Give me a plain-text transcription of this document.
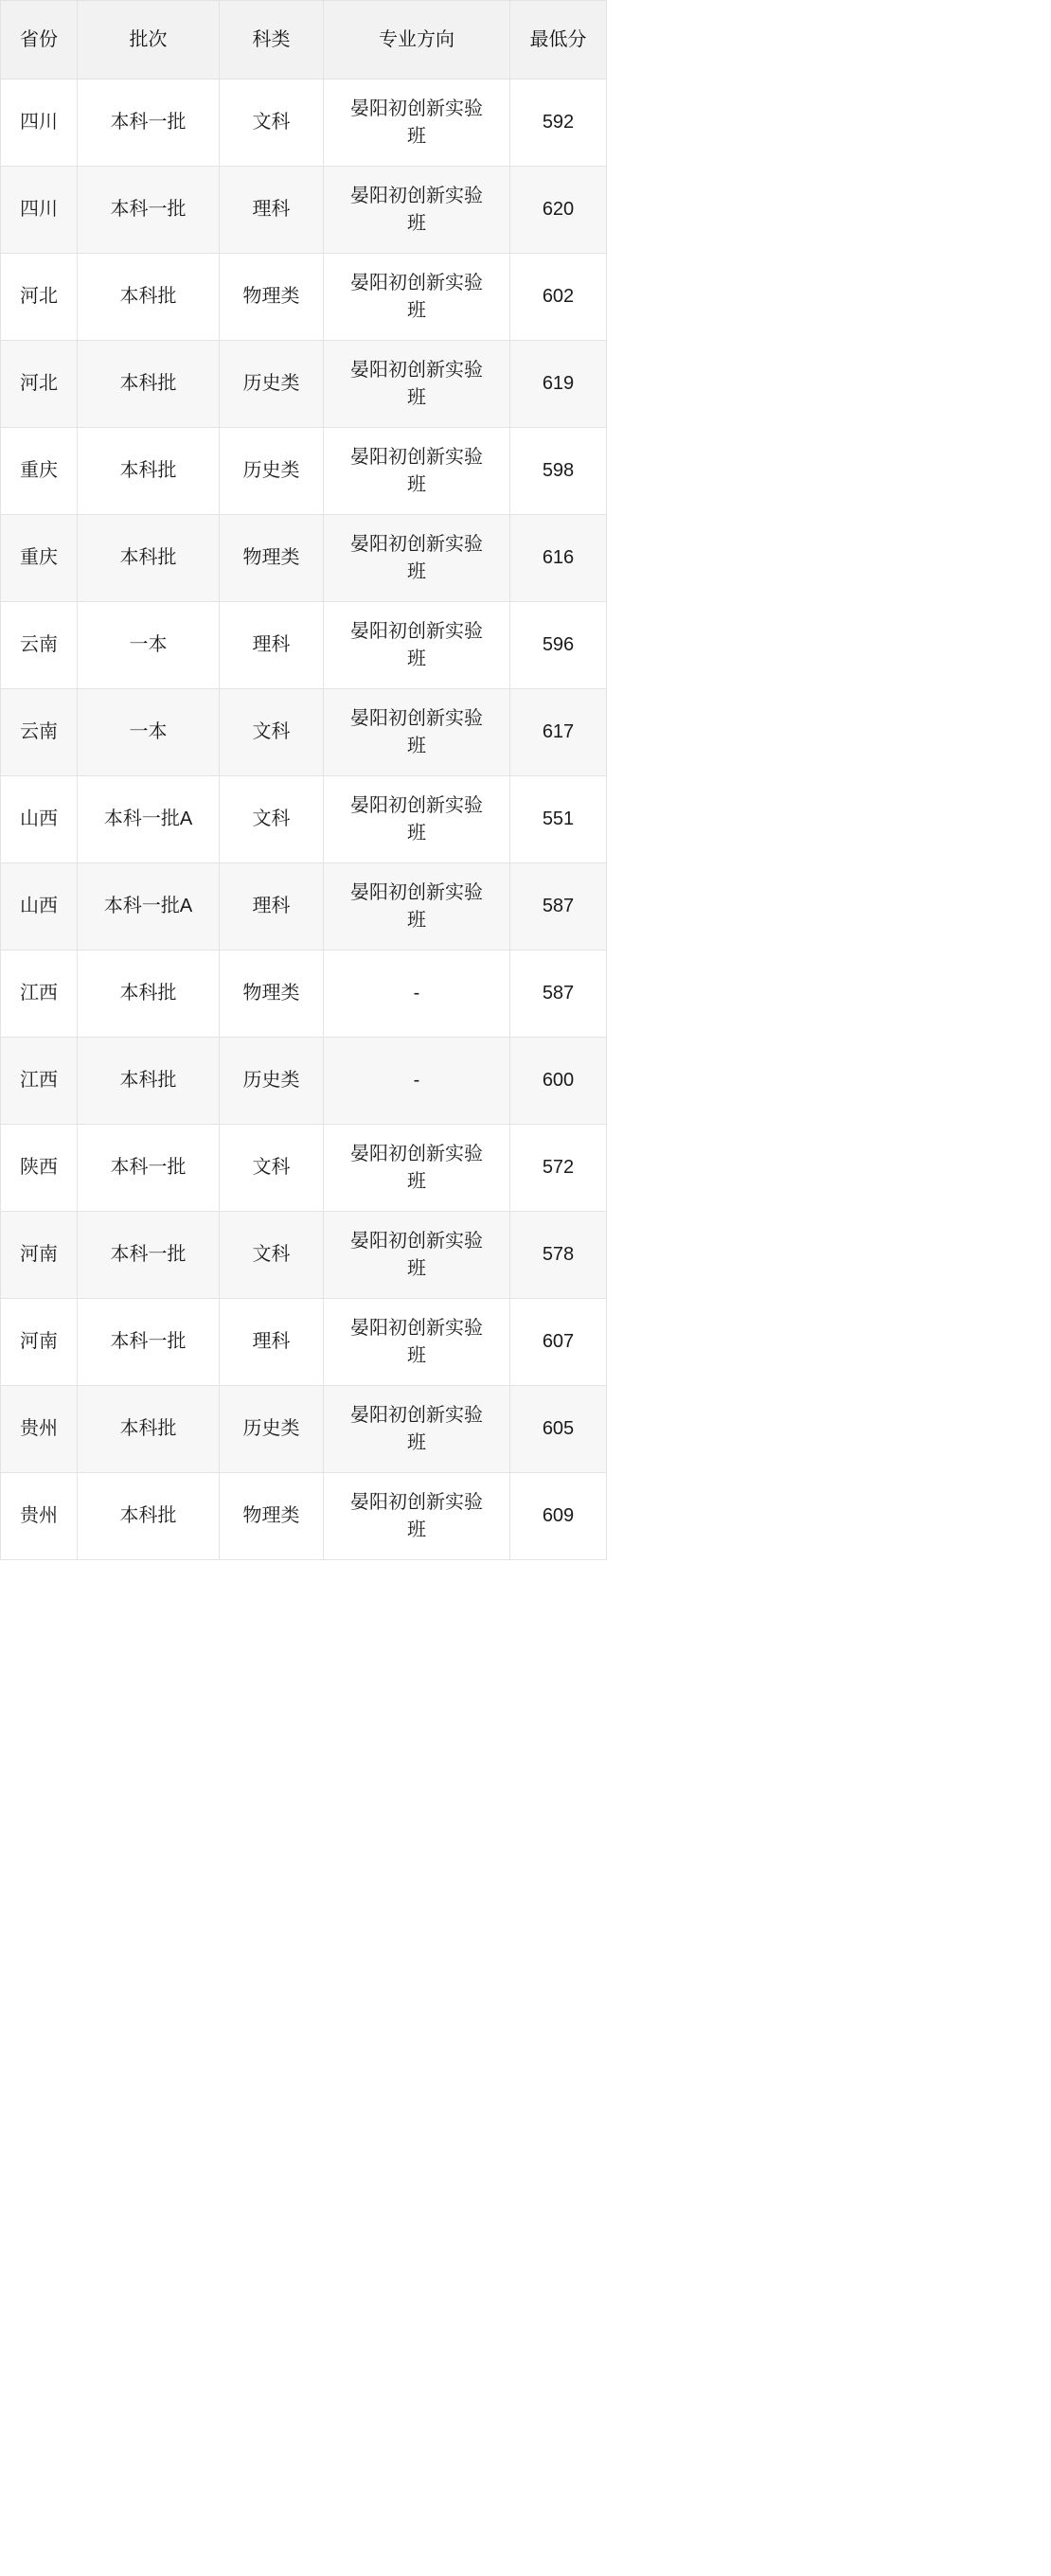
省份	批次	科类	专业方向	最低分
四川	本科一批	文科	晏阳初创新实验班	592
四川	本科一批	理科	晏阳初创新实验班	620
河北	本科批	物理类	晏阳初创新实验班	602
河北	本科批	历史类	晏阳初创新实验班	619
重庆	本科批	历史类	晏阳初创新实验班	598
重庆	本科批	物理类	晏阳初创新实验班	616
云南	一本	理科	晏阳初创新实验班	596
云南	一本	文科	晏阳初创新实验班	617
山西	本科一批A	文科	晏阳初创新实验班	551
山西	本科一批A	理科	晏阳初创新实验班	587
江西	本科批	物理类	-	587
江西	本科批	历史类	-	600
陕西	本科一批	文科	晏阳初创新实验班	572
河南	本科一批	文科	晏阳初创新实验班	578
河南	本科一批	理科	晏阳初创新实验班	607
贵州	本科批	历史类	晏阳初创新实验班	605
贵州	本科批	物理类	晏阳初创新实验班	609
